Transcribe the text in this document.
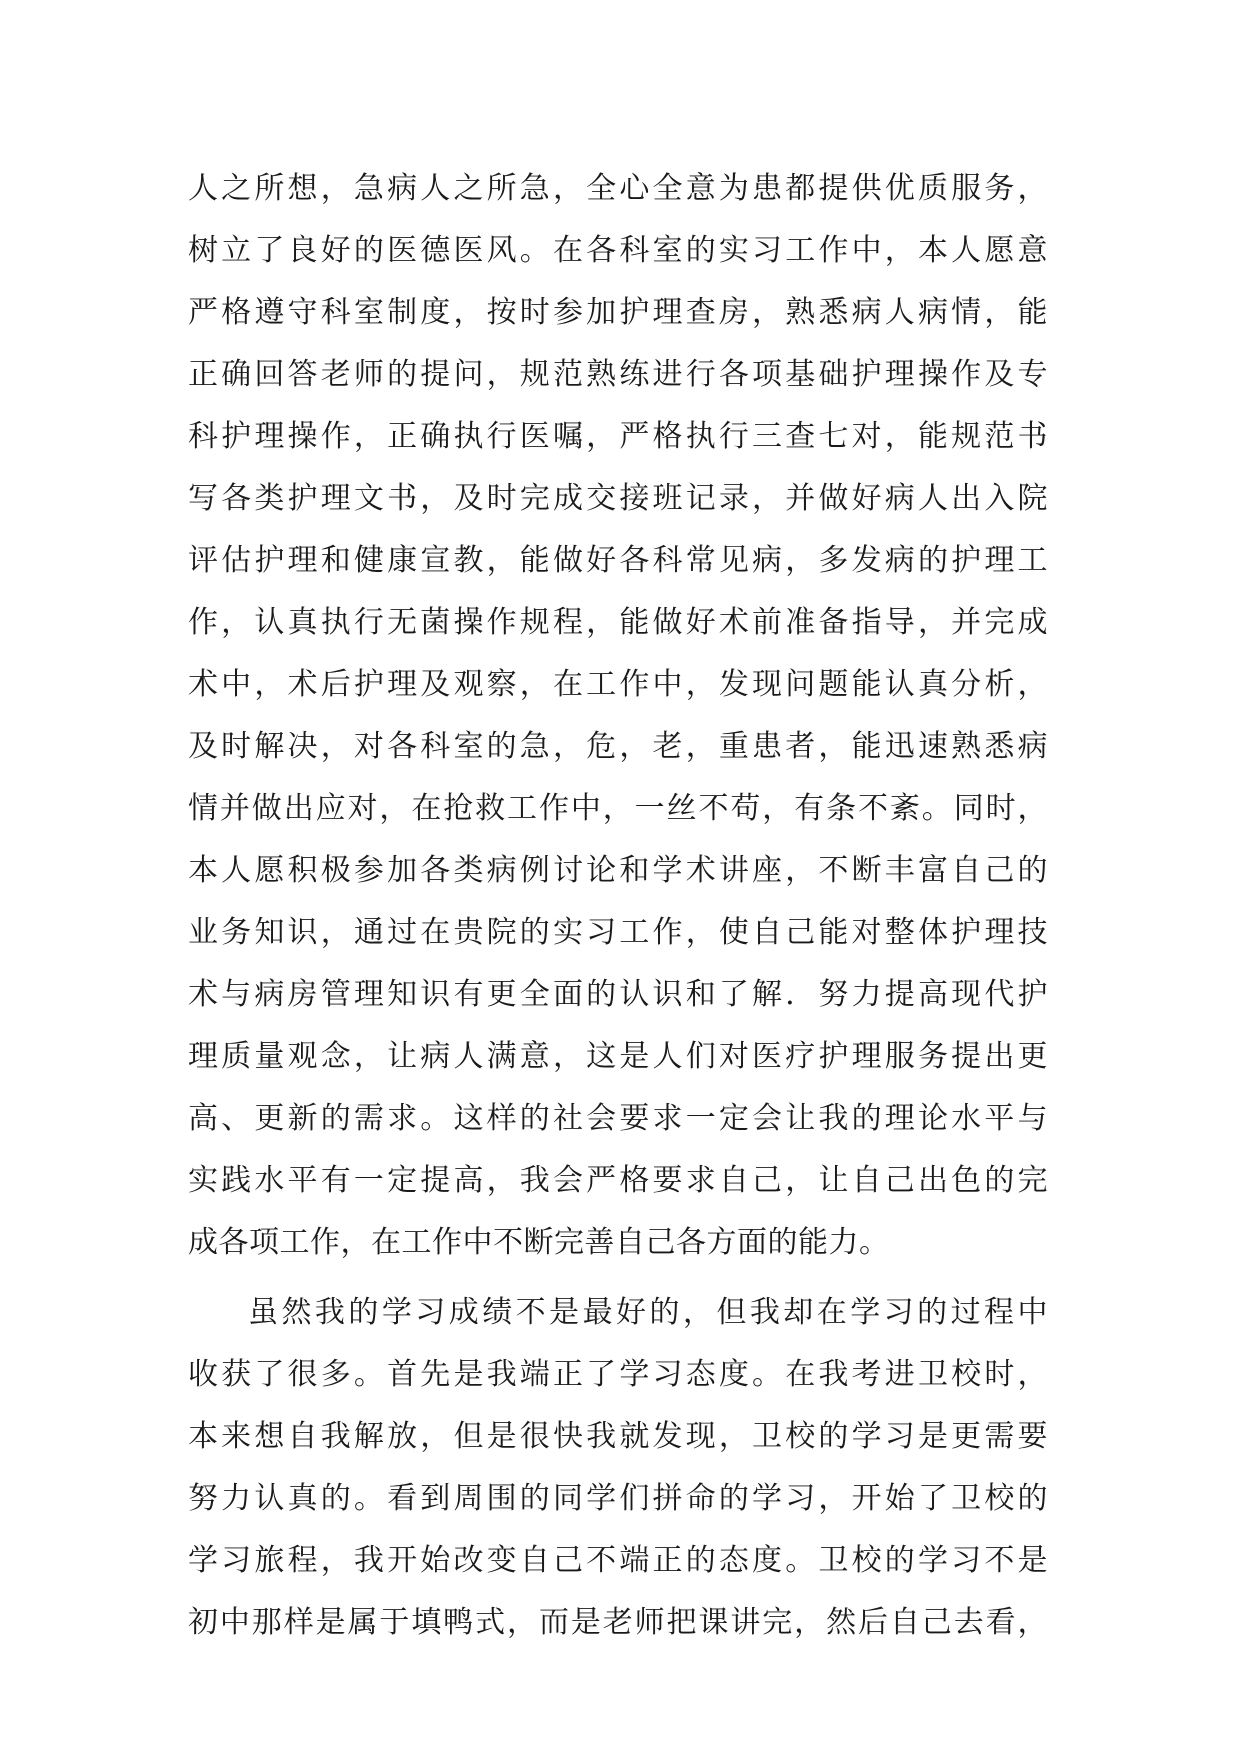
人之所想，急病人之所急，全心全意为患都提供优质服务，
树立了良好的医德医风。在各科室的实习工作中，本人愿意
严格遵守科室制度，按时参加护理查房，熟悉病人病情，能
正确回答老师的提问，规范熟练进行各项基础护理操作及专
科护理操作，正确执行医嘱，严格执行三查七对，能规范书
写各类护理文书，及时完成交接班记录，并做好病人出入院
评估护理和健康宣教，能做好各科常见病，多发病的护理工
作，认真执行无菌操作规程，能做好术前准备指导，并完成
术中，术后护理及观察，在工作中，发现问题能认真分析，
及时解决，对各科室的急，危，老，重患者，能迅速熟悉病
情并做出应对，在抢救工作中，一丝不苟，有条不紊。同时，
本人愿积极参加各类病例讨论和学术讲座，不断丰富自己的
业务知识，通过在贵院的实习工作，使自己能对整体护理技
术与病房管理知识有更全面的认识和了解．努力提高现代护
理质量观念，让病人满意，这是人们对医疗护理服务提出更
高、更新的需求。这样的社会要求一定会让我的理论水平与
实践水平有一定提高，我会严格要求自己，让自己出色的完
成各项工作，在工作中不断完善自己各方面的能力。
虽然我的学习成绩不是最好的，但我却在学习的过程中
收获了很多。首先是我端正了学习态度。在我考进卫校时，
本来想自我解放，但是很快我就发现，卫校的学习是更需要
努力认真的。看到周围的同学们拼命的学习，开始了卫校的
学习旅程，我开始改变自己不端正的态度。卫校的学习不是
初中那样是属于填鸭式，而是老师把课讲完，然后自己去看，
